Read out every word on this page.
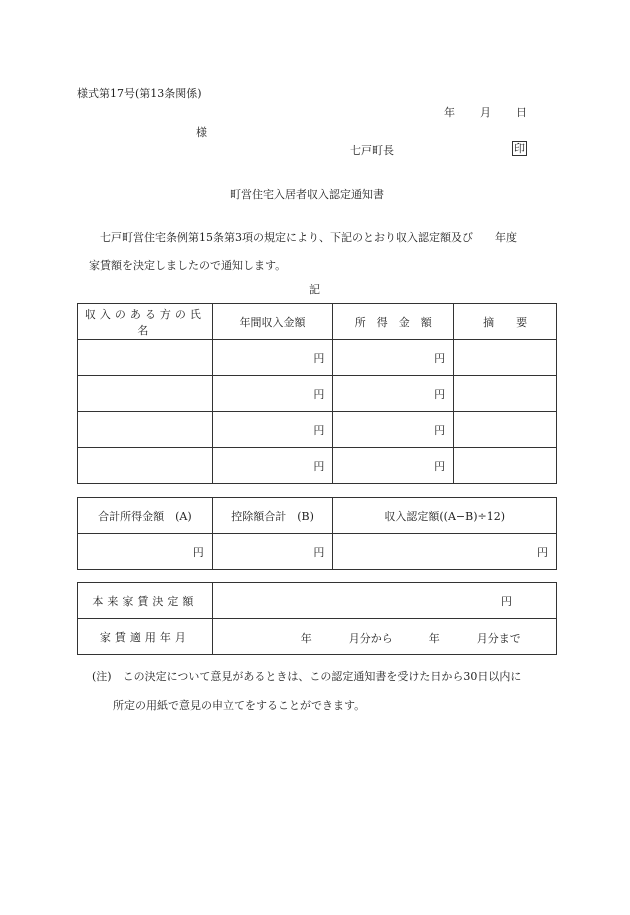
様式第17号(第13条関係)
年 月 日
様
七戸町長	印
町営住宅入居者収入認定通知書
七戸町営住宅条例第15条第3項の規定により、下記のとおり収入認定額及び　　年度
家賃額を決定しましたので通知します。
記
収入のある方の氏名	年間収入金額	所　得　金　額	摘　　要
	円	円	
	円	円	
	円	円	
	円	円	
合計所得金額　(A)	控除額合計　(B)	収入認定額((A−B)÷12)
円	円	円
本来家賃決定額	円
家賃適用年月	年 月分から 年 月分まで
(注)　この決定について意見があるときは、この認定通知書を受けた日から30日以内に
所定の用紙で意見の申立てをすることができます。
